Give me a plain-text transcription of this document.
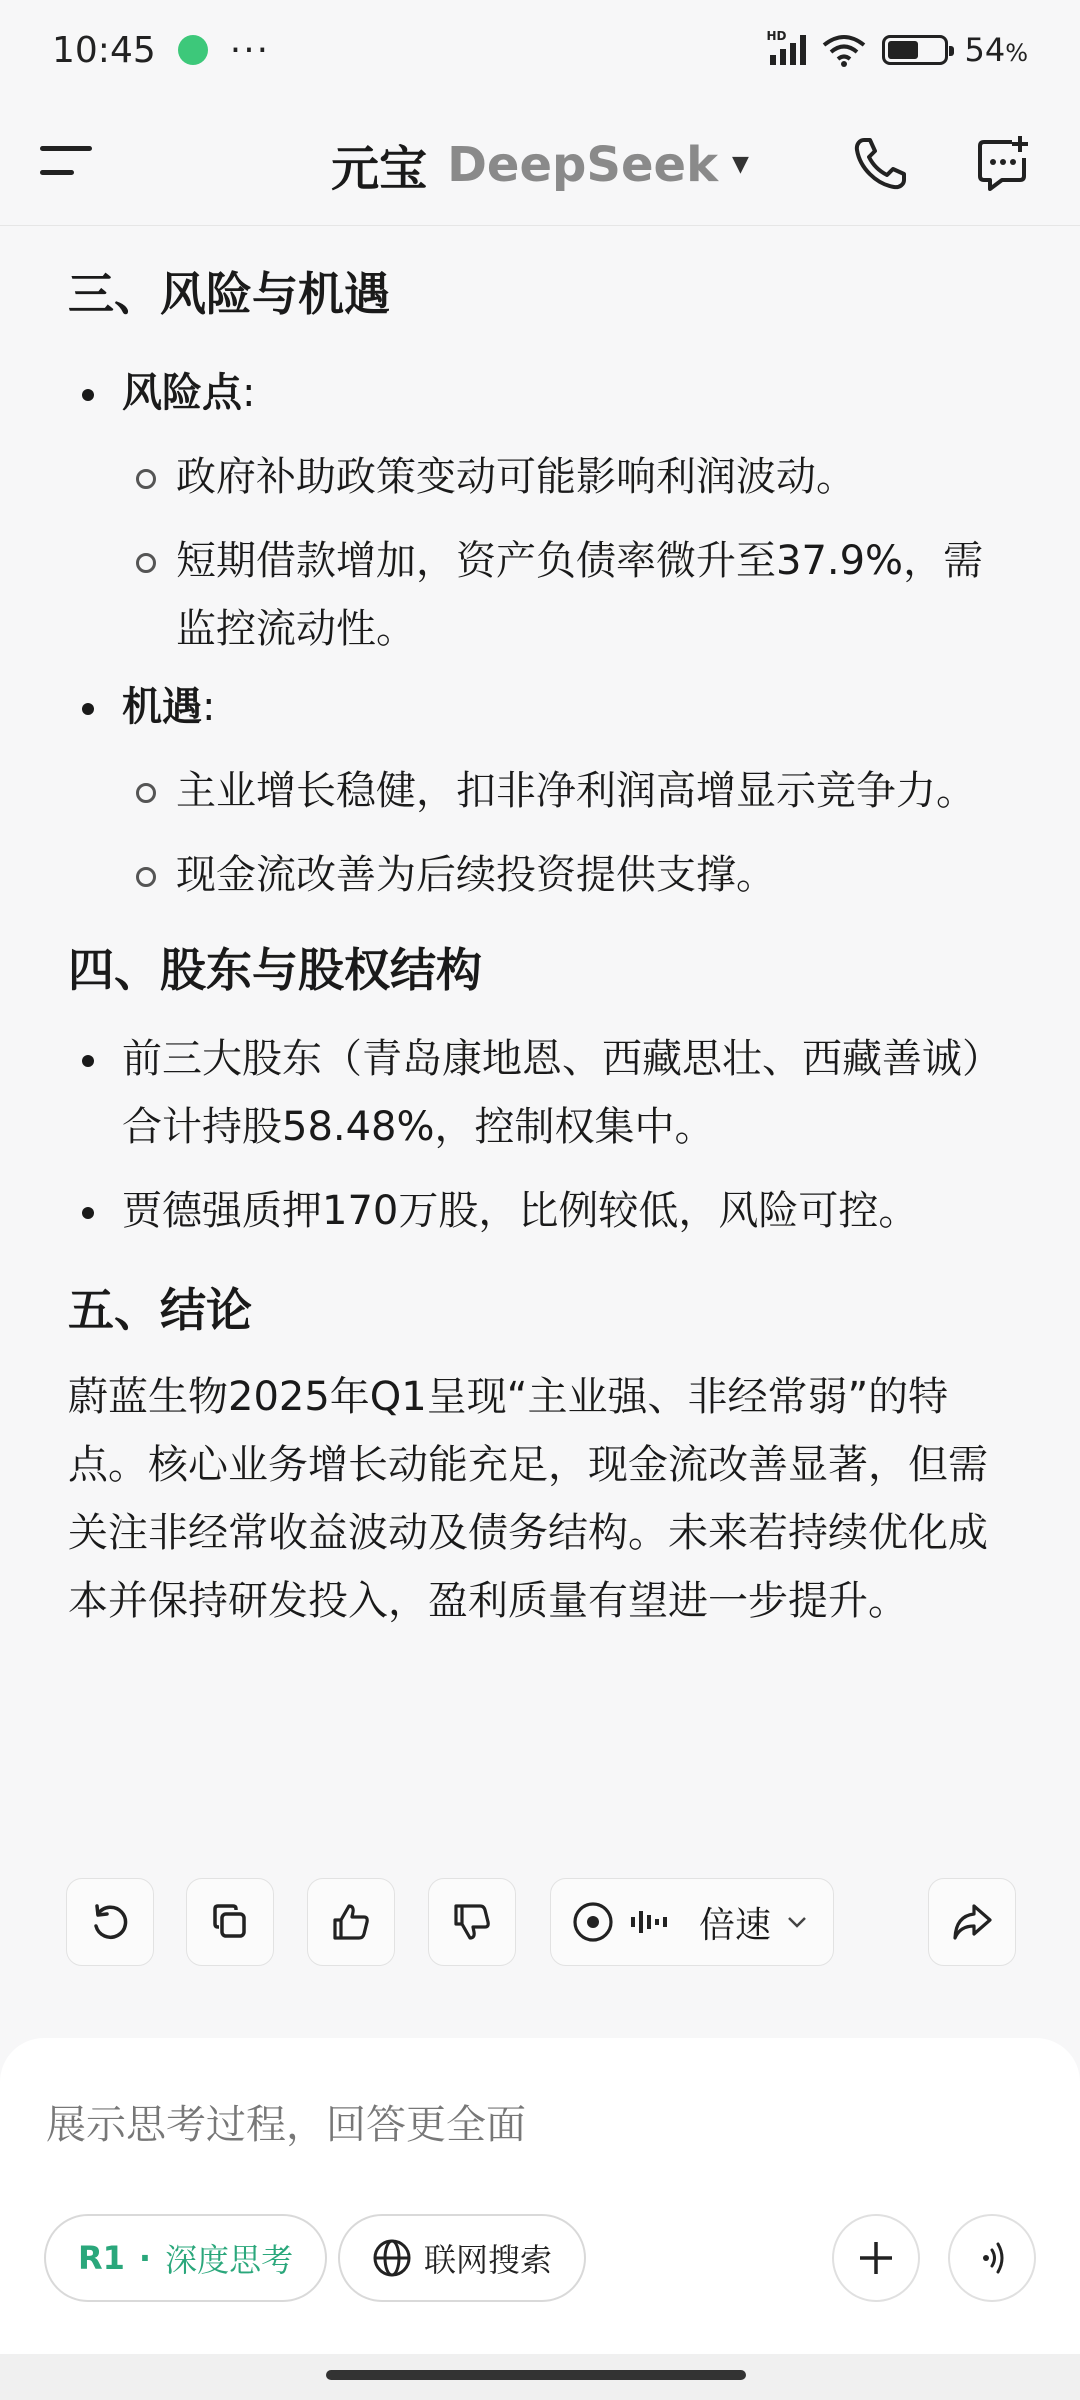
10:45 ···	HD	54%
元宝 DeepSeek ▼
三、风险与机遇
风险点:
政府补助政策变动可能影响利润波动。
短期借款增加，资产负债率微升至37.9%，需监控流动性。
机遇:
主业增长稳健，扣非净利润高增显示竞争力。
现金流改善为后续投资提供支撑。
四、股东与股权结构
前三大股东（青岛康地恩、西藏思壮、西藏善诚）合计持股58.48%，控制权集中。
贾德强质押170万股，比例较低，风险可控。
五、结论

蔚蓝生物2025年Q1呈现“主业强、非经常弱”的特点。核心业务增长动能充足，现金流改善显著，但需关注非经常收益波动及债务结构。未来若持续优化成本并保持研发投入，盈利质量有望进一步提升。

倍速
展示思考过程，回答更全面
R1 · 深度思考	联网搜索
